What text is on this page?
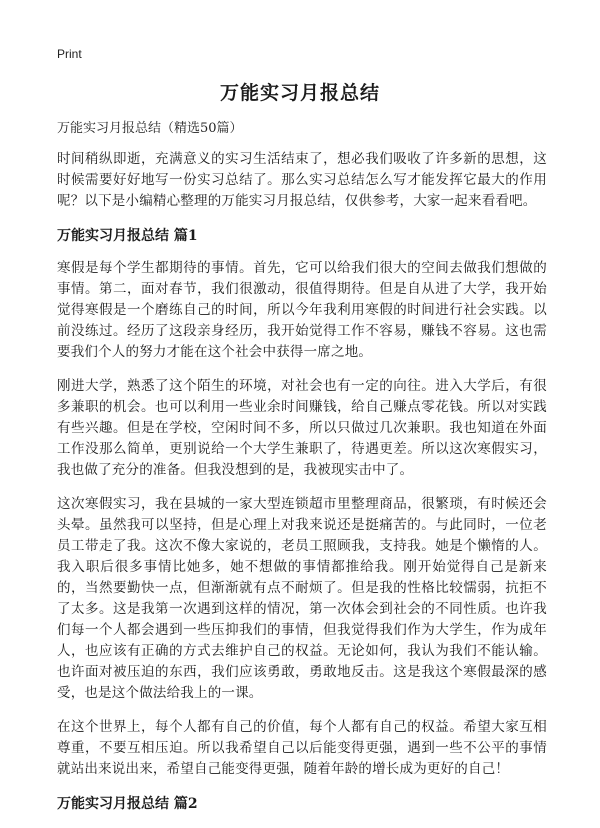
Print
万能实习月报总结
万能实习月报总结（精选50篇）

时间稍纵即逝，充满意义的实习生活结束了，想必我们吸收了许多新的思想，这时候需要好好地写一份实习总结了。那么实习总结怎么写才能发挥它最大的作用呢？以下是小编精心整理的万能实习月报总结，仅供参考，大家一起来看看吧。

万能实习月报总结 篇1

寒假是每个学生都期待的事情。首先，它可以给我们很大的空间去做我们想做的事情。第二，面对春节，我们很激动，很值得期待。但是自从进了大学，我开始觉得寒假是一个磨练自己的时间，所以今年我利用寒假的时间进行社会实践。以前没练过。经历了这段亲身经历，我开始觉得工作不容易，赚钱不容易。这也需要我们个人的努力才能在这个社会中获得一席之地。

刚进大学，熟悉了这个陌生的环境，对社会也有一定的向往。进入大学后，有很多兼职的机会。也可以利用一些业余时间赚钱，给自己赚点零花钱。所以对实践有些兴趣。但是在学校，空闲时间不多，所以只做过几次兼职。我也知道在外面工作没那么简单，更别说给一个大学生兼职了，待遇更差。所以这次寒假实习，我也做了充分的准备。但我没想到的是，我被现实击中了。

这次寒假实习，我在县城的一家大型连锁超市里整理商品，很繁琐，有时候还会头晕。虽然我可以坚持，但是心理上对我来说还是挺痛苦的。与此同时，一位老员工带走了我。这次不像大家说的，老员工照顾我，支持我。她是个懒惰的人。我入职后很多事情比她多，她不想做的事情都推给我。刚开始觉得自己是新来的，当然要勤快一点，但渐渐就有点不耐烦了。但是我的性格比较懦弱，抗拒不了太多。这是我第一次遇到这样的情况，第一次体会到社会的不同性质。也许我们每一个人都会遇到一些压抑我们的事情，但我觉得我们作为大学生，作为成年人，也应该有正确的方式去维护自己的权益。无论如何，我认为我们不能认输。也许面对被压迫的东西，我们应该勇敢，勇敢地反击。这是我这个寒假最深的感受，也是这个做法给我上的一课。

在这个世界上，每个人都有自己的价值，每个人都有自己的权益。希望大家互相尊重，不要互相压迫。所以我希望自己以后能变得更强，遇到一些不公平的事情就站出来说出来，希望自己能变得更强，随着年龄的增长成为更好的自己！

万能实习月报总结 篇2
